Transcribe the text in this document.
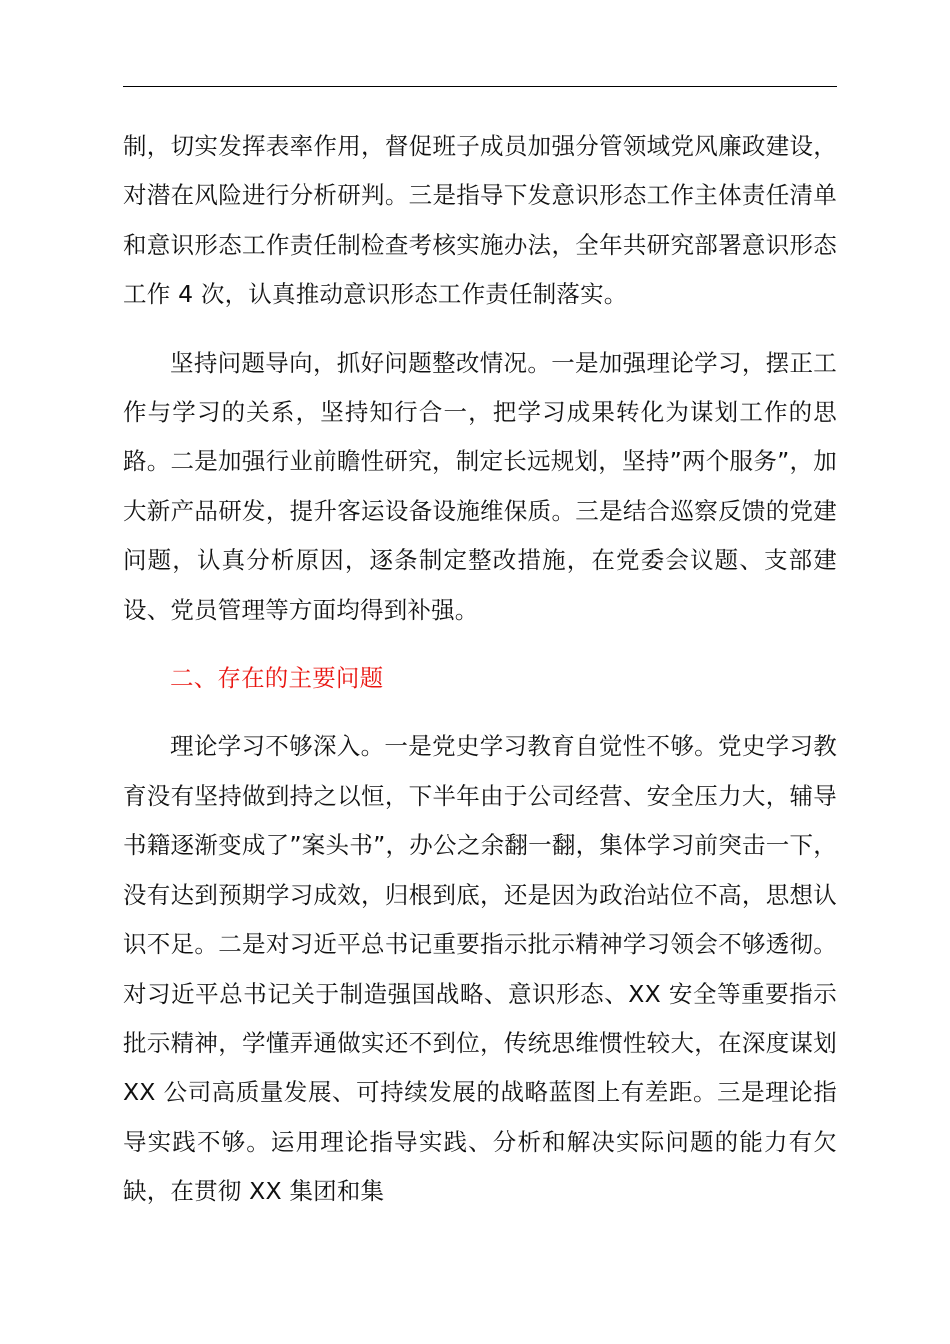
制，切实发挥表率作用，督促班子成员加强分管领域党风廉政建设，对潜在风险进行分析研判。三是指导下发意识形态工作主体责任清单和意识形态工作责任制检查考核实施办法，全年共研究部署意识形态工作 4 次，认真推动意识形态工作责任制落实。

坚持问题导向，抓好问题整改情况。一是加强理论学习，摆正工作与学习的关系，坚持知行合一，把学习成果转化为谋划工作的思路。二是加强行业前瞻性研究，制定长远规划，坚持”两个服务”，加大新产品研发，提升客运设备设施维保质。三是结合巡察反馈的党建问题，认真分析原因，逐条制定整改措施，在党委会议题、支部建设、党员管理等方面均得到补强。

二、存在的主要问题

理论学习不够深入。一是党史学习教育自觉性不够。党史学习教育没有坚持做到持之以恒，下半年由于公司经营、安全压力大，辅导书籍逐渐变成了”案头书”，办公之余翻一翻，集体学习前突击一下，没有达到预期学习成效，归根到底，还是因为政治站位不高，思想认识不足。二是对习近平总书记重要指示批示精神学习领会不够透彻。对习近平总书记关于制造强国战略、意识形态、XX 安全等重要指示批示精神，学懂弄通做实还不到位，传统思维惯性较大，在深度谋划 XX 公司高质量发展、可持续发展的战略蓝图上有差距。三是理论指导实践不够。运用理论指导实践、分析和解决实际问题的能力有欠缺，在贯彻 XX 集团和集
